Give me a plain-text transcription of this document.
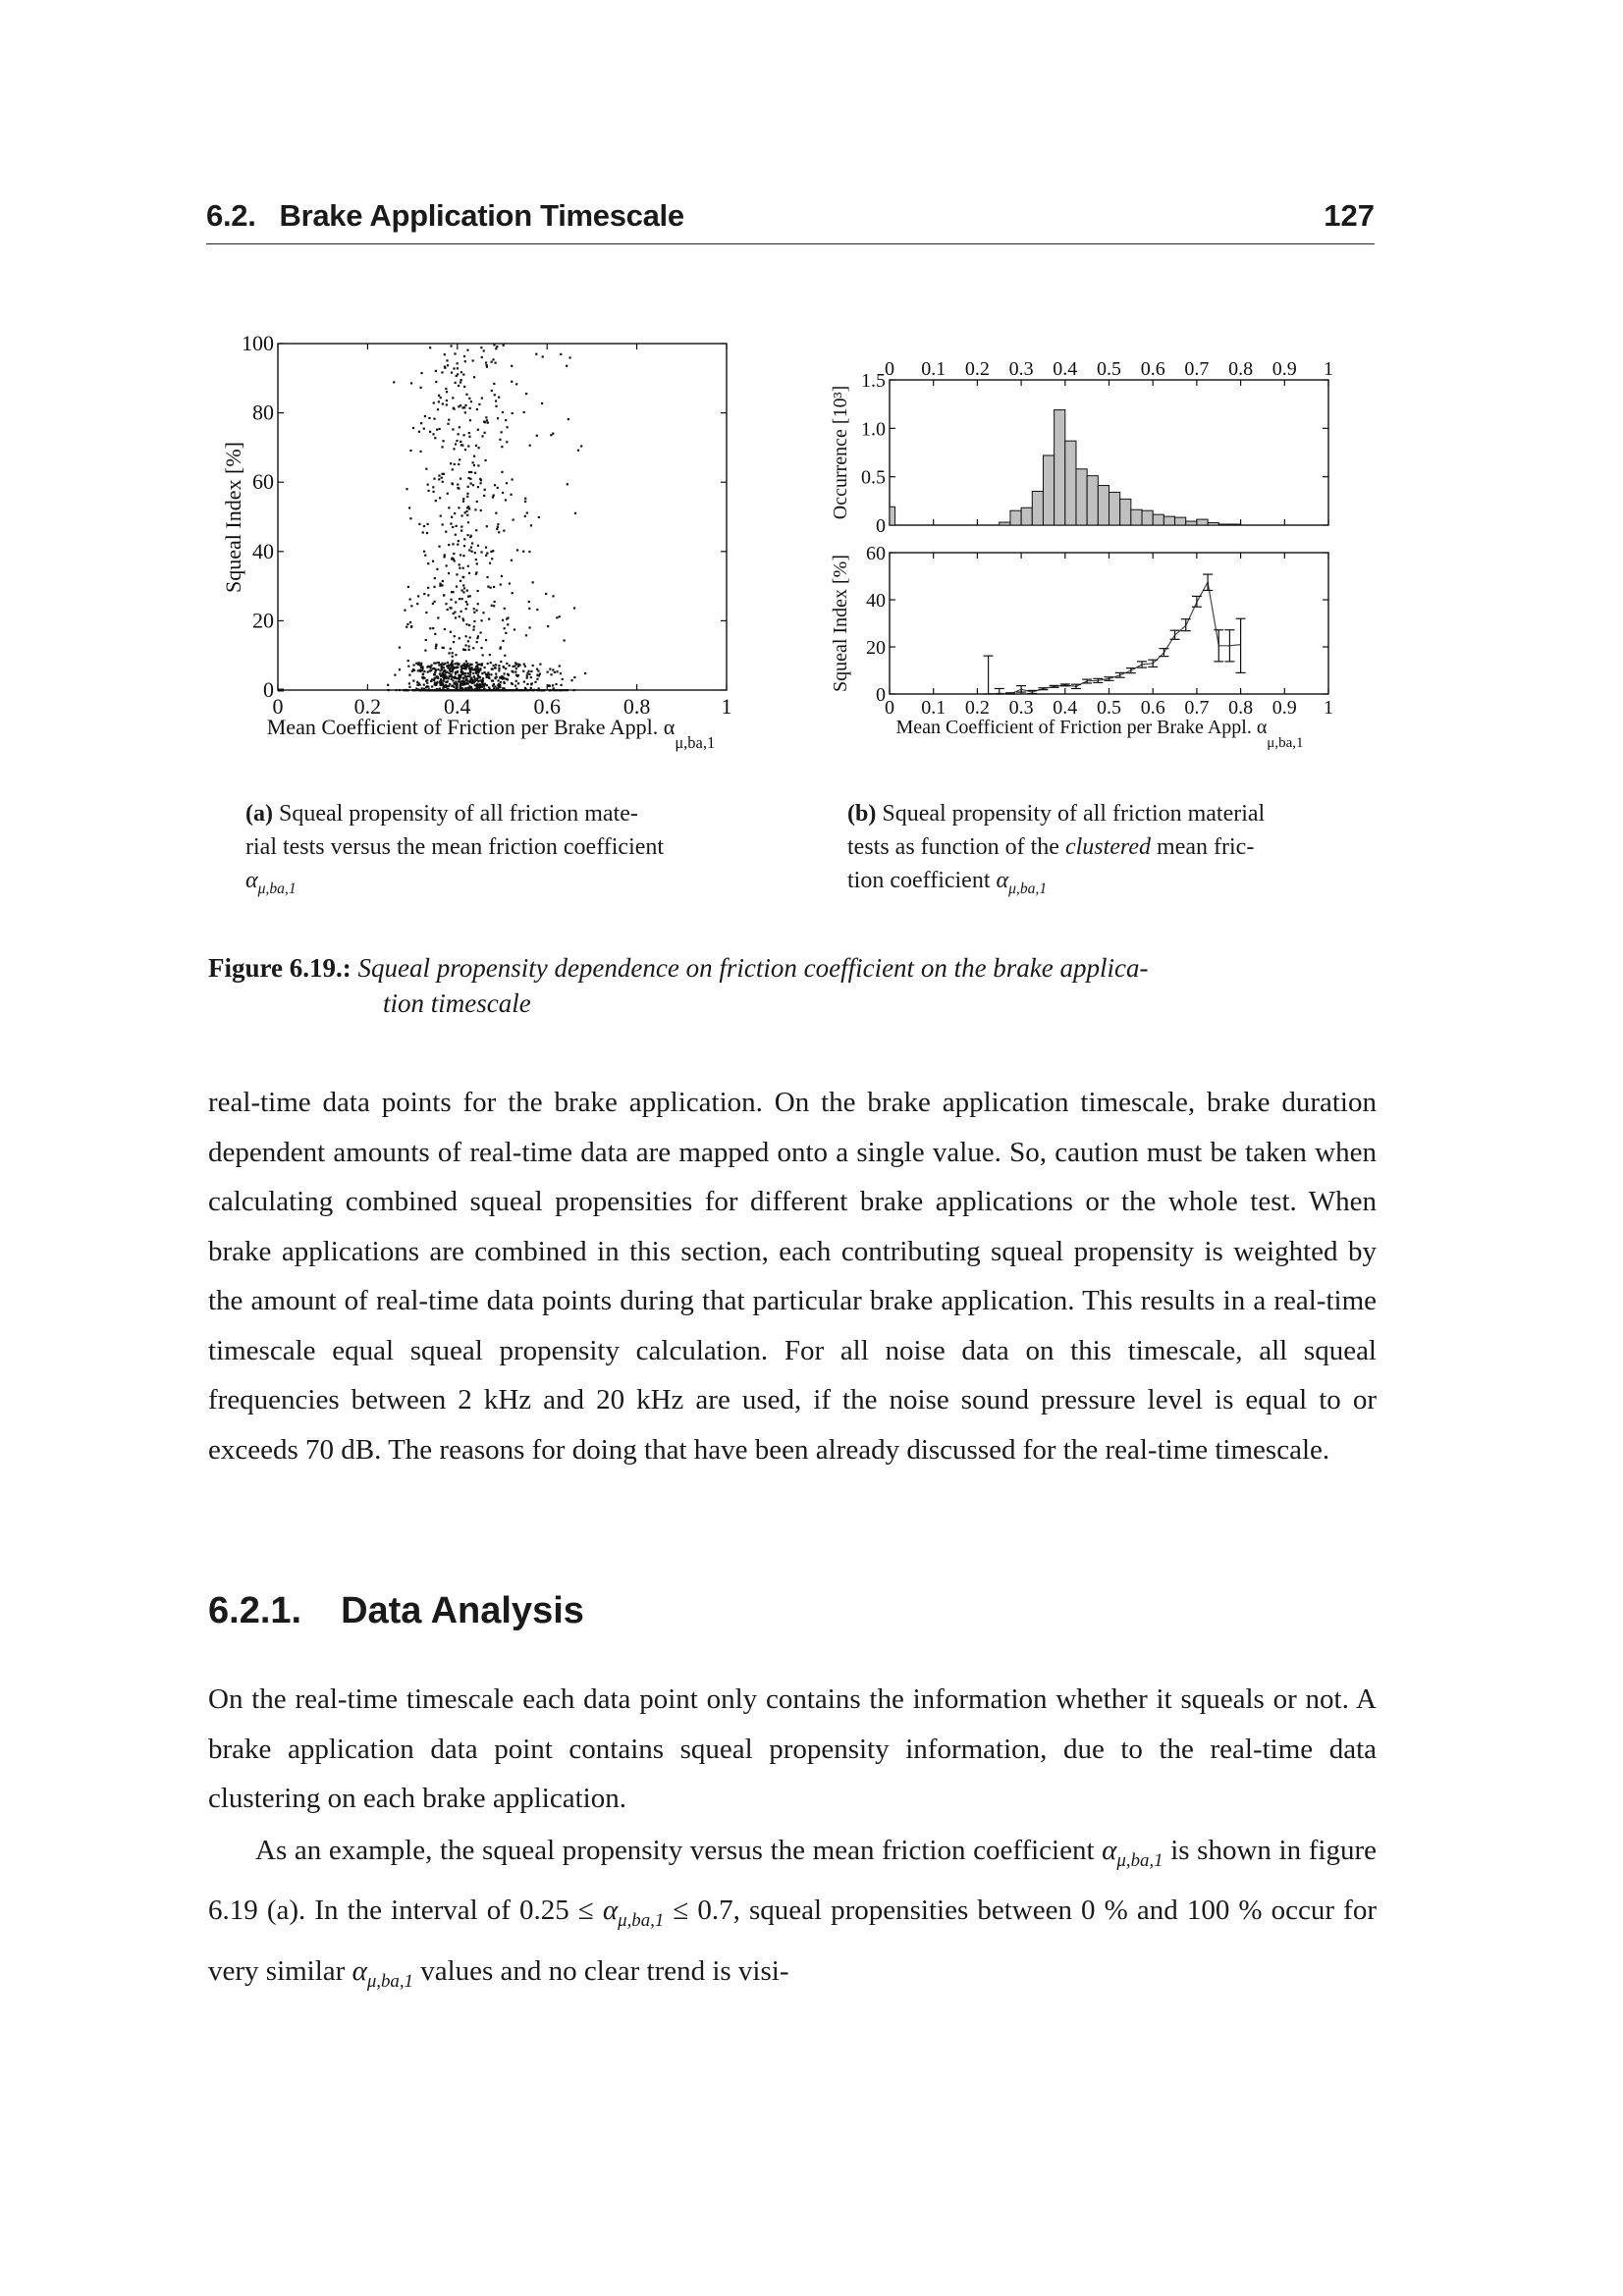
6.2. Brake Application Timescale	127
0	0.2	0.4	0.6	0.8	1
0
20
40
60
80
100
Mean Coefficient of Friction per Brake Appl. $\alpha_{\mu,ba,1}$
Squeal Index [%]
0 0.1 0.2 0.3 0.4 0.5 0.6 0.7 0.8 0.9 1
0
0.5
1.0
1.5
Occurrence [10³]
0 0.1 0.2 0.3 0.4 0.5 0.6 0.7 0.8 0.9 1
0
20
40
60
Mean Coefficient of Friction per Brake Appl. $\alpha_{\mu,ba,1}$
Squeal Index [%]
(a) Squeal propensity of all friction mate-
rial tests versus the mean friction coefficient
$\alpha_{\mu,ba,1}$
(b) Squeal propensity of all friction material
tests as function of the clustered mean fric-
tion coefficient $\alpha_{\mu,ba,1}$
Figure 6.19.: Squeal propensity dependence on friction coefficient on the brake applica-
tion timescale

real-time data points for the brake application. On the brake application timescale, brake duration dependent amounts of real-time data are mapped onto a single value. So, caution must be taken when calculating combined squeal propensities for different brake applications or the whole test. When brake applications are combined in this section, each contributing squeal propensity is weighted by the amount of real-time data points during that particular brake application. This results in a real-time timescale equal squeal propensity calculation. For all noise data on this timescale, all squeal frequencies between 2 kHz and 20 kHz are used, if the noise sound pressure level is equal to or exceeds 70 dB. The reasons for doing that have been already discussed for the real-time timescale.

6.2.1. Data Analysis

On the real-time timescale each data point only contains the information whether it squeals or not. A brake application data point contains squeal propensity information, due to the real-time data clustering on each brake application.

As an example, the squeal propensity versus the mean friction coefficient $\alpha_{\mu,ba,1}$ is shown in figure 6.19 (a). In the interval of $0.25 \le \alpha_{\mu,ba,1} \le 0.7$, squeal propensities between 0 % and 100 % occur for very similar $\alpha_{\mu,ba,1}$ values and no clear trend is visi-
